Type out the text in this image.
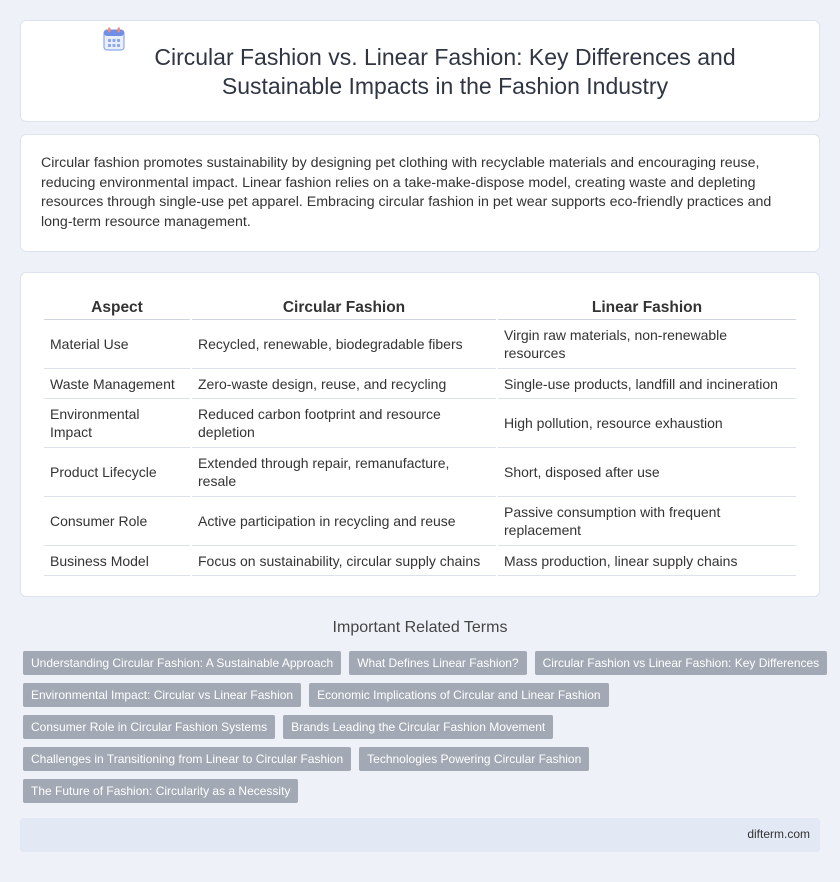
Circular Fashion vs. Linear Fashion: Key Differences and Sustainable Impacts in the Fashion Industry

Circular fashion promotes sustainability by designing pet clothing with recyclable materials and encouraging reuse, reducing environmental impact. Linear fashion relies on a take-make-dispose model, creating waste and depleting resources through single-use pet apparel. Embracing circular fashion in pet wear supports eco-friendly practices and long-term resource management.

Aspect	Circular Fashion	Linear Fashion
Material Use	Recycled, renewable, biodegradable fibers	Virgin raw materials, non-renewable resources
Waste Management	Zero-waste design, reuse, and recycling	Single-use products, landfill and incineration
Environmental Impact	Reduced carbon footprint and resource depletion	High pollution, resource exhaustion
Product Lifecycle	Extended through repair, remanufacture, resale	Short, disposed after use
Consumer Role	Active participation in recycling and reuse	Passive consumption with frequent replacement
Business Model	Focus on sustainability, circular supply chains	Mass production, linear supply chains
Important Related Terms
Understanding Circular Fashion: A Sustainable Approach	What Defines Linear Fashion?	Circular Fashion vs Linear Fashion: Key Differences
Environmental Impact: Circular vs Linear Fashion	Economic Implications of Circular and Linear Fashion
Consumer Role in Circular Fashion Systems	Brands Leading the Circular Fashion Movement
Challenges in Transitioning from Linear to Circular Fashion	Technologies Powering Circular Fashion
The Future of Fashion: Circularity as a Necessity
difterm.com
